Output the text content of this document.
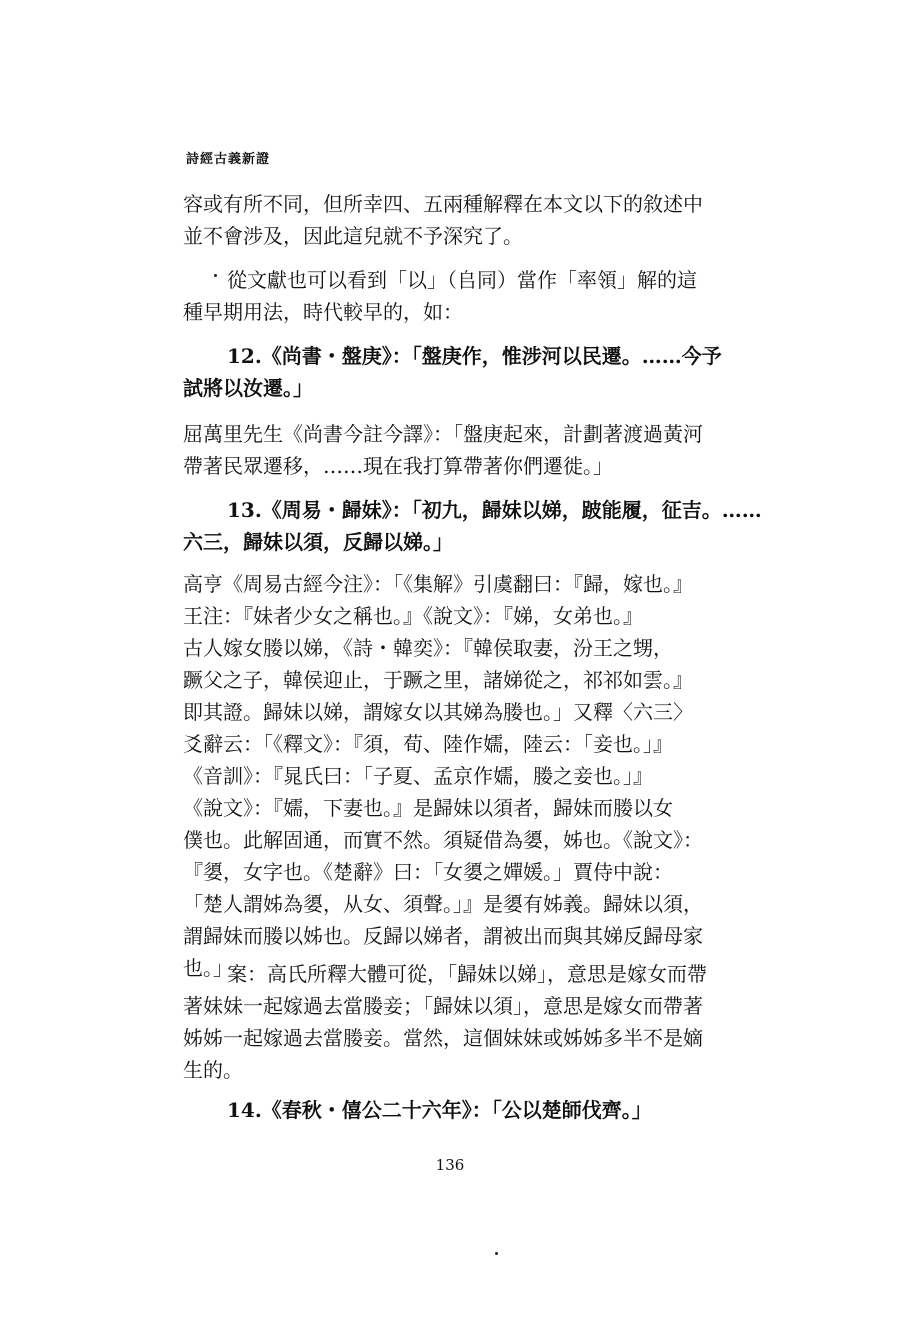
詩經古義新證
容或有所不同，但所幸四、五兩種解釋在本文以下的敘述中
並不會涉及，因此這兒就不予深究了。
從文獻也可以看到「以」（𠂤同）當作「率領」解的這
種早期用法，時代較早的，如：
12.《尚書・盤庚》：「盤庚作，惟涉河以民遷。……今予
試將以汝遷。」
屈萬里先生《尚書今註今譯》：「盤庚起來，計劃著渡過黃河
帶著民眾遷移，……現在我打算帶著你們遷徙。」
13.《周易・歸妹》：「初九，歸妹以娣，跛能履，征吉。……
六三，歸妹以須，反歸以娣。」
高亨《周易古經今注》：「《集解》引虞翻曰：『歸，嫁也。』
王注：『妹者少女之稱也。』《說文》：『娣，女弟也。』
古人嫁女媵以娣，《詩・韓奕》：『韓侯取妻，汾王之甥，
蹶父之子，韓侯迎止，于蹶之里，諸娣從之，祁祁如雲。』
即其證。歸妹以娣，謂嫁女以其娣為媵也。」又釋〈六三〉
爻辭云：「《釋文》：『須，荀、陸作嬬，陸云：「妾也。」』
《音訓》：『晁氏曰：「子夏、孟京作嬬，媵之妾也。」』
《說文》：『嬬，下妻也。』是歸妹以須者，歸妹而媵以女
僕也。此解固通，而實不然。須疑借為嬃，姊也。《說文》：
『嬃，女字也。《楚辭》曰：「女嬃之嬋媛。」賈侍中說：
「楚人謂姊為嬃，从女、須聲。」』是嬃有姊義。歸妹以須，
謂歸妹而媵以姊也。反歸以娣者，謂被出而與其娣反歸母家
也。」
案：高氏所釋大體可從，「歸妹以娣」，意思是嫁女而帶
著妹妹一起嫁過去當媵妾；「歸妹以須」，意思是嫁女而帶著
姊姊一起嫁過去當媵妾。當然，這個妹妹或姊姊多半不是嫡
生的。
14.《春秋・僖公二十六年》：「公以楚師伐齊。」
136
